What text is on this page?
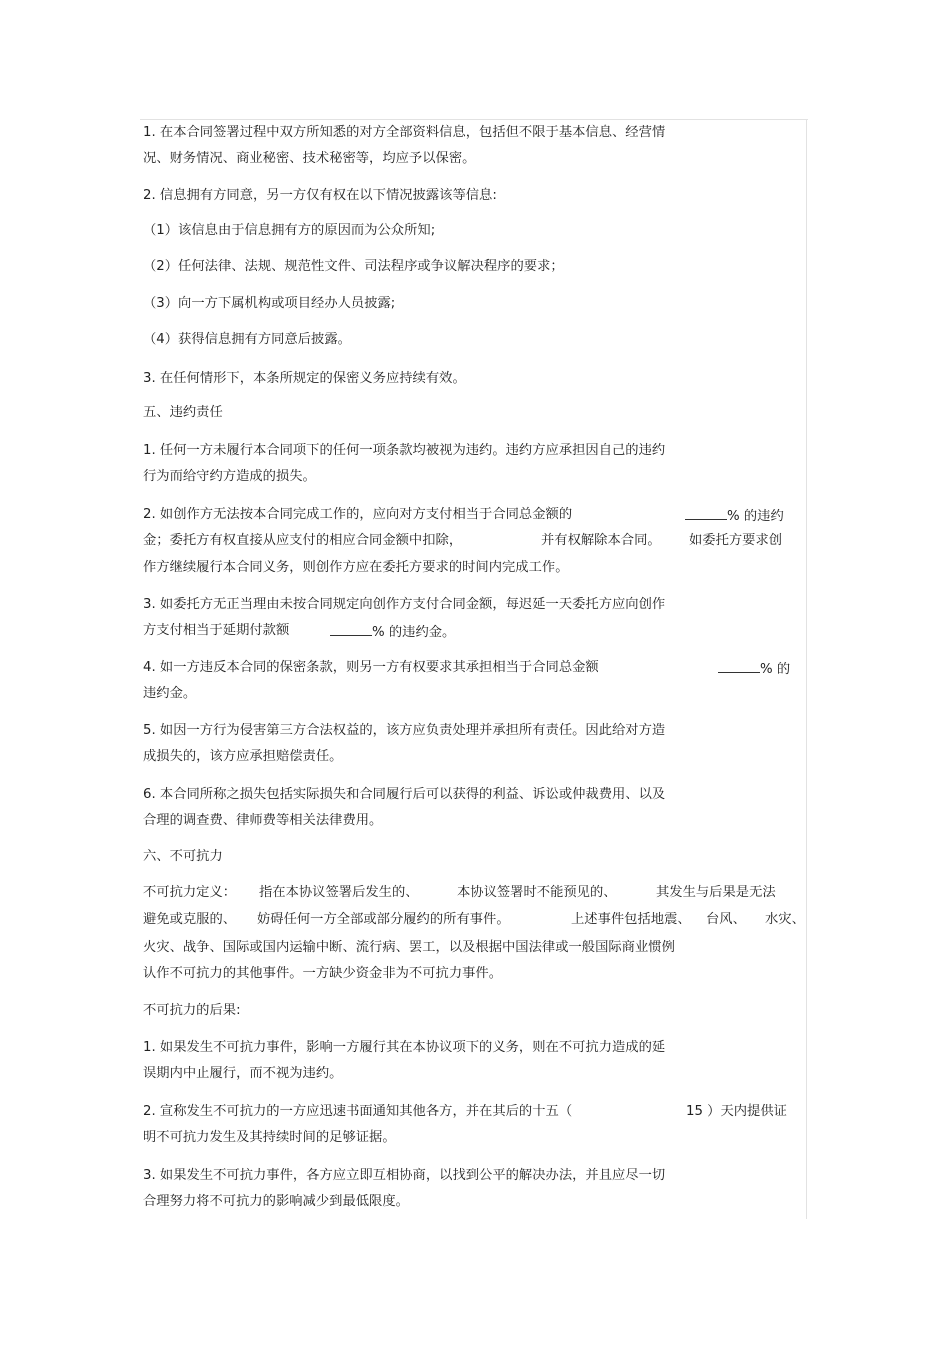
1. 在本合同签署过程中双方所知悉的对方全部资料信息，包括但不限于基本信息、经营情
况、财务情况、商业秘密、技术秘密等，均应予以保密。
2. 信息拥有方同意，另一方仅有权在以下情况披露该等信息:
（1）该信息由于信息拥有方的原因而为公众所知;
（2）任何法律、法规、规范性文件、司法程序或争议解决程序的要求；
（3）向一方下属机构或项目经办人员披露;
（4）获得信息拥有方同意后披露。
3. 在任何情形下，本条所规定的保密义务应持续有效。
五、违约责任
1. 任何一方未履行本合同项下的任何一项条款均被视为违约。违约方应承担因自己的违约
行为而给守约方造成的损失。
2. 如创作方无法按本合同完成工作的，应向对方支付相当于合同总金额的	% 的违约
金；委托方有权直接从应支付的相应合同金额中扣除，	并有权解除本合同。 如委托方要求创
作方继续履行本合同义务，则创作方应在委托方要求的时间内完成工作。
3. 如委托方无正当理由未按合同规定向创作方支付合同金额，每迟延一天委托方应向创作
方支付相当于延期付款额	% 的违约金。
4. 如一方违反本合同的保密条款，则另一方有权要求其承担相当于合同总金额	% 的
违约金。
5. 如因一方行为侵害第三方合法权益的，该方应负责处理并承担所有责任。因此给对方造
成损失的，该方应承担赔偿责任。
6. 本合同所称之损失包括实际损失和合同履行后可以获得的利益、诉讼或仲裁费用、以及
合理的调查费、律师费等相关法律费用。
六、不可抗力
不可抗力定义： 指在本协议签署后发生的、	本协议签署时不能预见的、	其发生与后果是无法
避免或克服的、 妨碍任何一方全部或部分履约的所有事件。	上述事件包括地震、 台风、 水灾、
火灾、战争、国际或国内运输中断、流行病、罢工，以及根据中国法律或一般国际商业惯例
认作不可抗力的其他事件。一方缺少资金非为不可抗力事件。
不可抗力的后果:
1. 如果发生不可抗力事件，影响一方履行其在本协议项下的义务，则在不可抗力造成的延
误期内中止履行，而不视为违约。
2. 宣称发生不可抗力的一方应迅速书面通知其他各方，并在其后的十五（	15 ）天内提供证
明不可抗力发生及其持续时间的足够证据。
3. 如果发生不可抗力事件，各方应立即互相协商，以找到公平的解决办法，并且应尽一切
合理努力将不可抗力的影响减少到最低限度。
